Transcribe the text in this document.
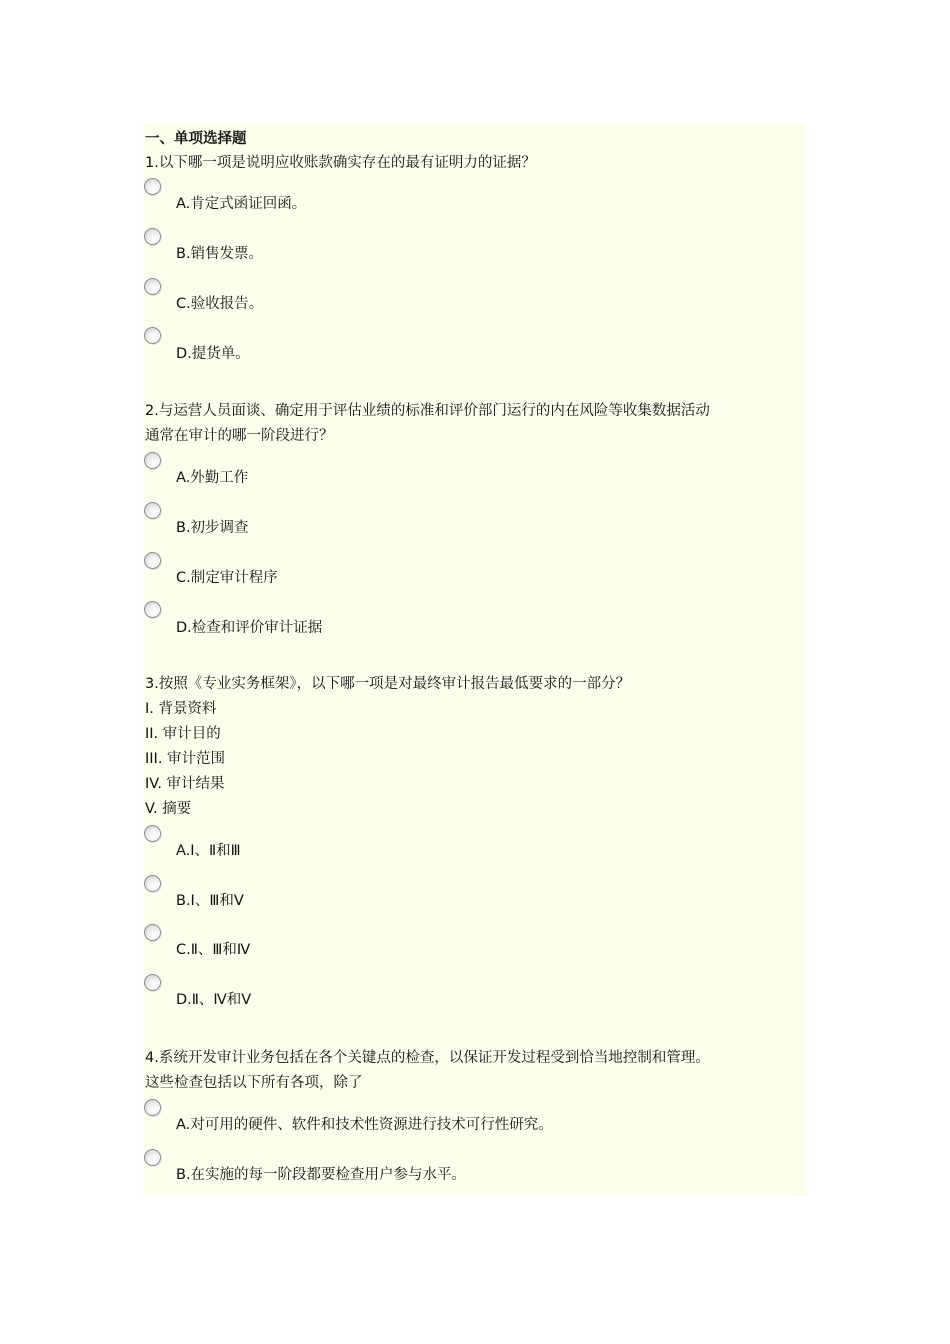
一、单项选择题
1.以下哪一项是说明应收账款确实存在的最有证明力的证据？
A.肯定式函证回函。
B.销售发票。
C.验收报告。
D.提货单。
2.与运营人员面谈、确定用于评估业绩的标准和评价部门运行的内在风险等收集数据活动
通常在审计的哪一阶段进行？
A.外勤工作
B.初步调查
C.制定审计程序
D.检查和评价审计证据
3.按照《专业实务框架》，以下哪一项是对最终审计报告最低要求的一部分？
I. 背景资料
II. 审计目的
III. 审计范围
IV. 审计结果
V. 摘要
A.I、Ⅱ和Ⅲ
B.I、Ⅲ和Ⅴ
C.Ⅱ、Ⅲ和Ⅳ
D.Ⅱ、Ⅳ和Ⅴ
4.系统开发审计业务包括在各个关键点的检查，以保证开发过程受到恰当地控制和管理。
这些检查包括以下所有各项，除了
A.对可用的硬件、软件和技术性资源进行技术可行性研究。
B.在实施的每一阶段都要检查用户参与水平。
